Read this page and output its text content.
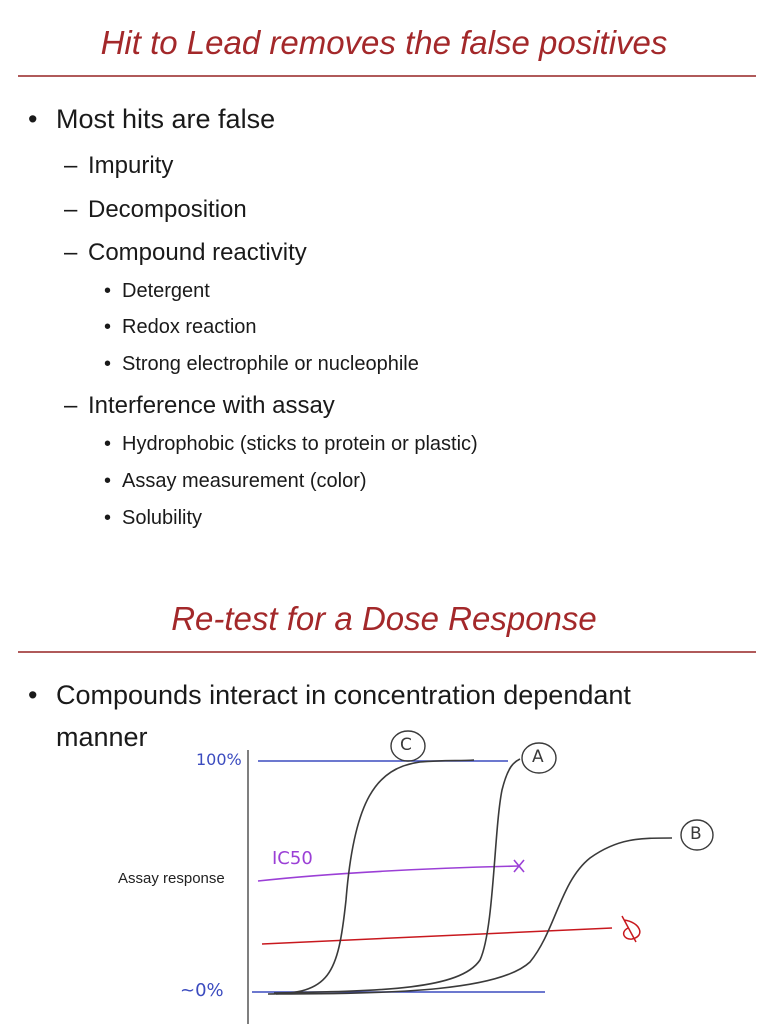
Hit to Lead removes the false positives
• Most hits are false
– Impurity
– Decomposition
– Compound reactivity
• Detergent
• Redox reaction
• Strong electrophile or nucleophile
– Interference with assay
• Hydrophobic (sticks to protein or plastic)
• Assay measurement (color)
• Solubility
Re-test for a Dose Response
• Compounds interact in concentration dependant
manner
Assay response
100%
~0%
IC50
C
A
B
